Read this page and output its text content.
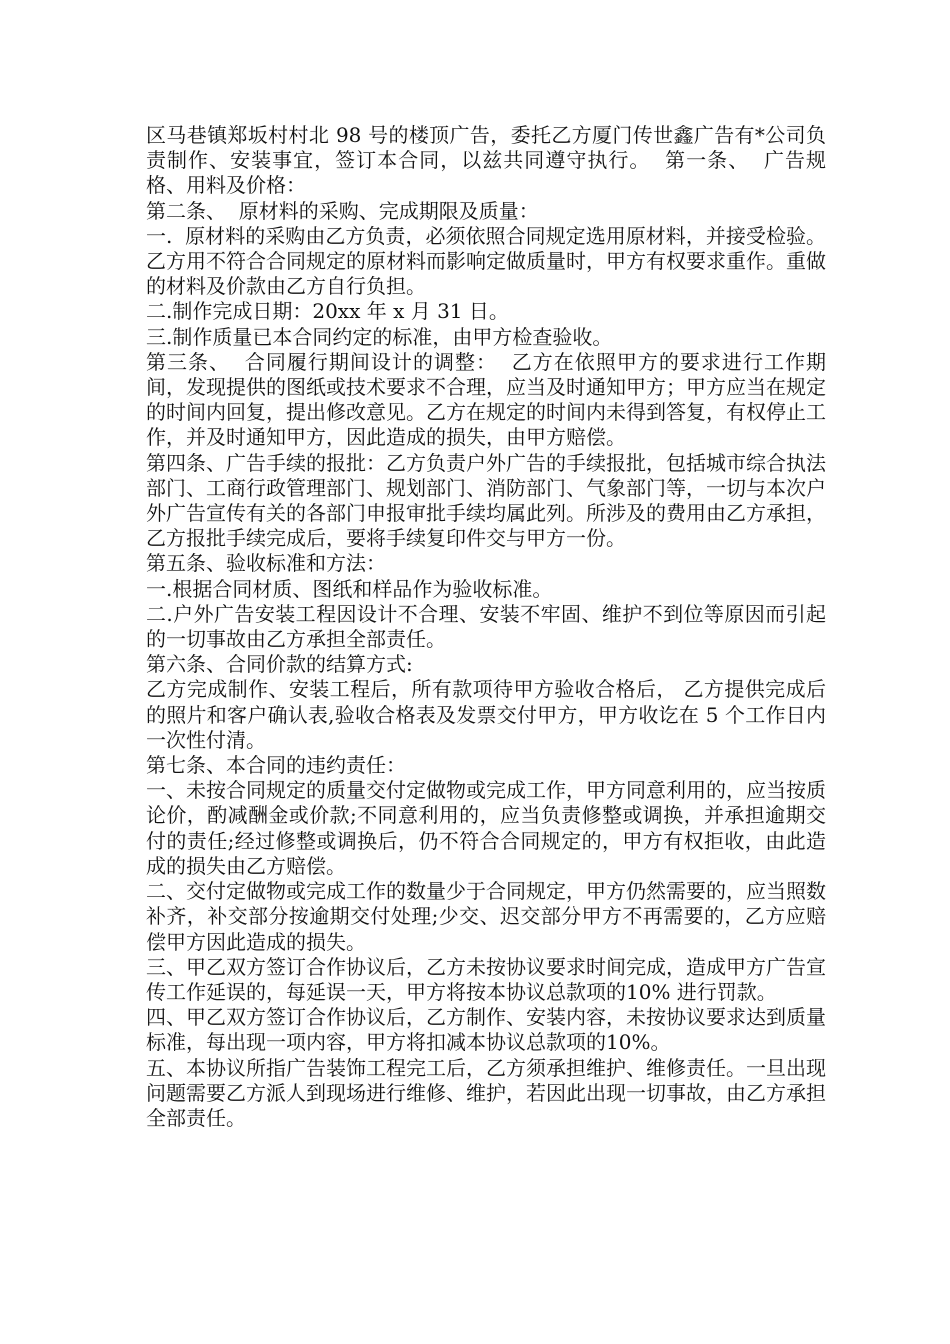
区马巷镇郑坂村村北 98 号的楼顶广告，委托乙方厦门传世鑫广告有*公司负责制作、安装事宜，签订本合同，以兹共同遵守执行。  第一条、  广告规格、用料及价格：

第二条、  原材料的采购、完成期限及质量：

一.  原材料的采购由乙方负责，必须依照合同规定选用原材料，并接受检验。乙方用不符合合同规定的原材料而影响定做质量时，甲方有权要求重作。重做的材料及价款由乙方自行负担。

二.制作完成日期：20xx 年 x 月 31 日。

三.制作质量已本合同约定的标准，由甲方检查验收。

第三条、  合同履行期间设计的调整：  乙方在依照甲方的要求进行工作期间，发现提供的图纸或技术要求不合理，应当及时通知甲方；甲方应当在规定的时间内回复，提出修改意见。乙方在规定的时间内未得到答复，有权停止工作，并及时通知甲方，因此造成的损失，由甲方赔偿。

第四条、广告手续的报批：乙方负责户外广告的手续报批，包括城市综合执法部门、工商行政管理部门、规划部门、消防部门、气象部门等，一切与本次户外广告宣传有关的各部门申报审批手续均属此列。所涉及的费用由乙方承担，乙方报批手续完成后，要将手续复印件交与甲方一份。

第五条、验收标准和方法：

一.根据合同材质、图纸和样品作为验收标准。

二.户外广告安装工程因设计不合理、安装不牢固、维护不到位等原因而引起的一切事故由乙方承担全部责任。

第六条、合同价款的结算方式:

乙方完成制作、安装工程后，所有款项待甲方验收合格后， 乙方提供完成后的照片和客户确认表,验收合格表及发票交付甲方，甲方收讫在 5 个工作日内一次性付清。

第七条、本合同的违约责任：

一、未按合同规定的质量交付定做物或完成工作，甲方同意利用的，应当按质论价，酌减酬金或价款;不同意利用的，应当负责修整或调换，并承担逾期交付的责任;经过修整或调换后，仍不符合合同规定的，甲方有权拒收，由此造成的损失由乙方赔偿。

二、交付定做物或完成工作的数量少于合同规定，甲方仍然需要的，应当照数补齐，补交部分按逾期交付处理;少交、迟交部分甲方不再需要的，乙方应赔偿甲方因此造成的损失。

三、甲乙双方签订合作协议后，乙方未按协议要求时间完成，造成甲方广告宣传工作延误的，每延误一天，甲方将按本协议总款项的10% 进行罚款。

四、甲乙双方签订合作协议后，乙方制作、安装内容，未按协议要求达到质量标准，每出现一项内容，甲方将扣减本协议总款项的10%。

五、本协议所指广告装饰工程完工后，乙方须承担维护、维修责任。一旦出现问题需要乙方派人到现场进行维修、维护，若因此出现一切事故，由乙方承担全部责任。
